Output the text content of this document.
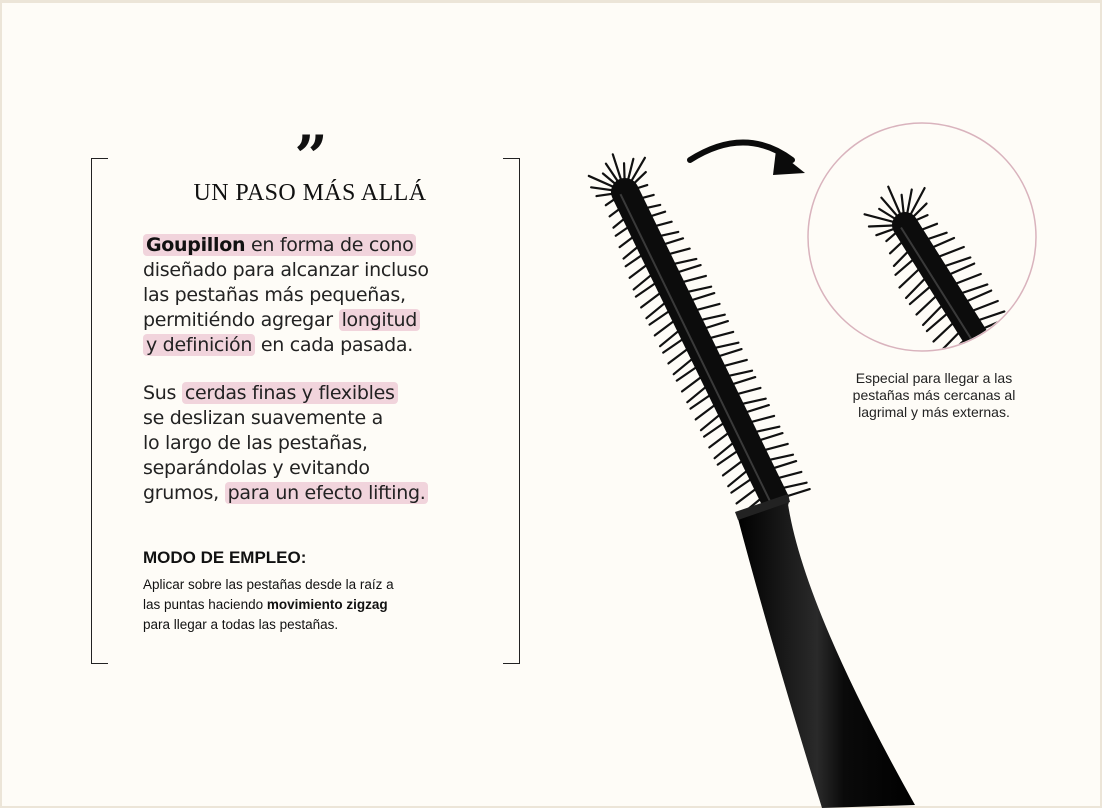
”
UN PASO MÁS ALLÁ
Goupillon en forma de cono
diseñado para alcanzar incluso
las pestañas más pequeñas,
permitiéndo agregar longitud
y definición en cada pasada.
Sus cerdas finas y flexibles
se deslizan suavemente a
lo largo de las pestañas,
separándolas y evitando
grumos, para un efecto lifting.
MODO DE EMPLEO:
Aplicar sobre las pestañas desde la raíz a
las puntas haciendo movimiento zigzag
para llegar a todas las pestañas.
Especial para llegar a las
pestañas más cercanas al
lagrimal y más externas.
